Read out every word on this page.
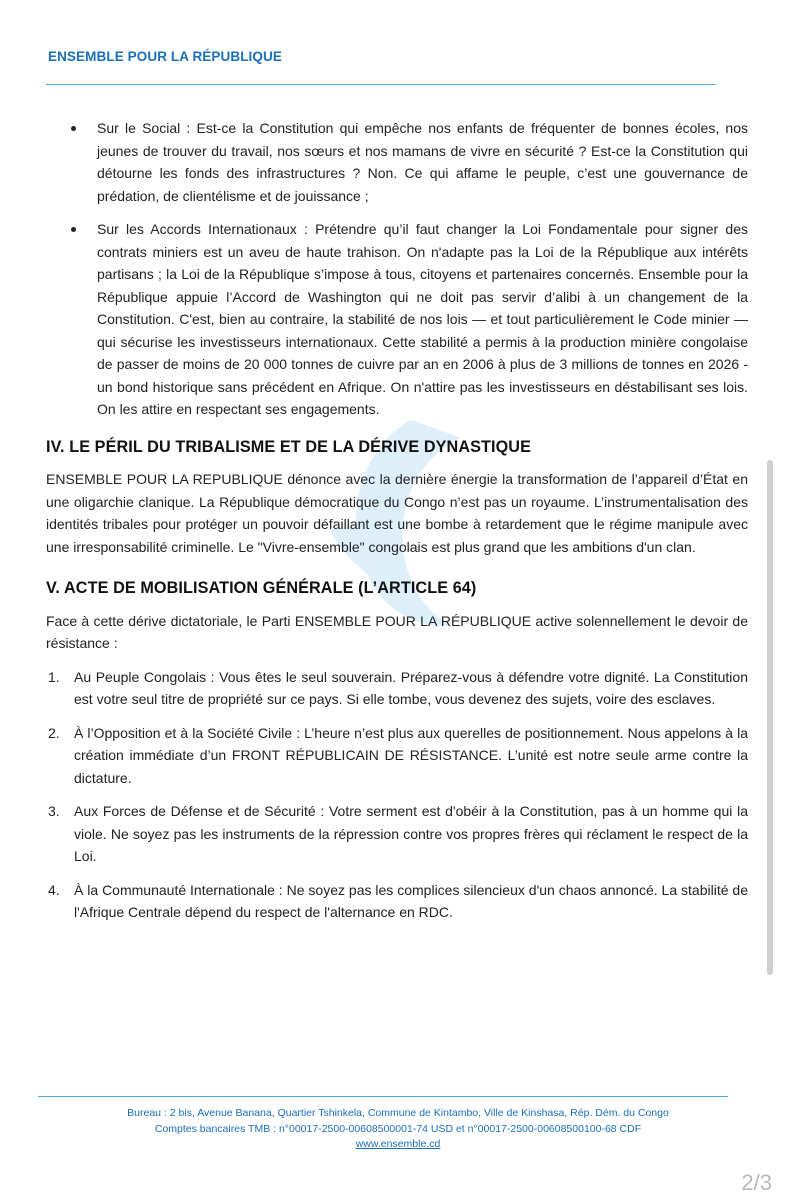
ENSEMBLE POUR LA RÉPUBLIQUE
Sur le Social : Est-ce la Constitution qui empêche nos enfants de fréquenter de bonnes écoles, nos jeunes de trouver du travail, nos sœurs et nos mamans de vivre en sécurité ? Est-ce la Constitution qui détourne les fonds des infrastructures ? Non. Ce qui affame le peuple, c’est une gouvernance de prédation, de clientélisme et de jouissance ;
Sur les Accords Internationaux : Prétendre qu’il faut changer la Loi Fondamentale pour signer des contrats miniers est un aveu de haute trahison. On n'adapte pas la Loi de la République aux intérêts partisans ; la Loi de la République s’impose à tous, citoyens et partenaires concernés. Ensemble pour la République appuie l’Accord de Washington qui ne doit pas servir d’alibi à un changement de la Constitution. C'est, bien au contraire, la stabilité de nos lois — et tout particulièrement le Code minier — qui sécurise les investisseurs internationaux. Cette stabilité a permis à la production minière congolaise de passer de moins de 20 000 tonnes de cuivre par an en 2006 à plus de 3 millions de tonnes en 2026 - un bond historique sans précédent en Afrique. On n'attire pas les investisseurs en déstabilisant ses lois. On les attire en respectant ses engagements.
IV. LE PÉRIL DU TRIBALISME ET DE LA DÉRIVE DYNASTIQUE

ENSEMBLE POUR LA REPUBLIQUE dénonce avec la dernière énergie la transformation de l’appareil d’État en une oligarchie clanique. La République démocratique du Congo n’est pas un royaume. L’instrumentalisation des identités tribales pour protéger un pouvoir défaillant est une bombe à retardement que le régime manipule avec une irresponsabilité criminelle. Le "Vivre-ensemble" congolais est plus grand que les ambitions d'un clan.

V. ACTE DE MOBILISATION GÉNÉRALE (L’ARTICLE 64)

Face à cette dérive dictatoriale, le Parti ENSEMBLE POUR LA RÉPUBLIQUE active solennellement le devoir de résistance :

1. Au Peuple Congolais : Vous êtes le seul souverain. Préparez-vous à défendre votre dignité. La Constitution est votre seul titre de propriété sur ce pays. Si elle tombe, vous devenez des sujets, voire des esclaves.
2. À l’Opposition et à la Société Civile : L’heure n’est plus aux querelles de positionnement. Nous appelons à la création immédiate d’un FRONT RÉPUBLICAIN DE RÉSISTANCE. L’unité est notre seule arme contre la dictature.
3. Aux Forces de Défense et de Sécurité : Votre serment est d'obéir à la Constitution, pas à un homme qui la viole. Ne soyez pas les instruments de la répression contre vos propres frères qui réclament le respect de la Loi.
4. À la Communauté Internationale : Ne soyez pas les complices silencieux d'un chaos annoncé. La stabilité de l'Afrique Centrale dépend du respect de l'alternance en RDC.
Bureau : 2 bis, Avenue Banana, Quartier Tshinkela, Commune de Kintambo, Ville de Kinshasa, Rép. Dém. du Congo
Comptes bancaires TMB : n°00017-2500-00608500001-74 USD et n°00017-2500-00608500100-68 CDF
www.ensemble.cd
2/3
